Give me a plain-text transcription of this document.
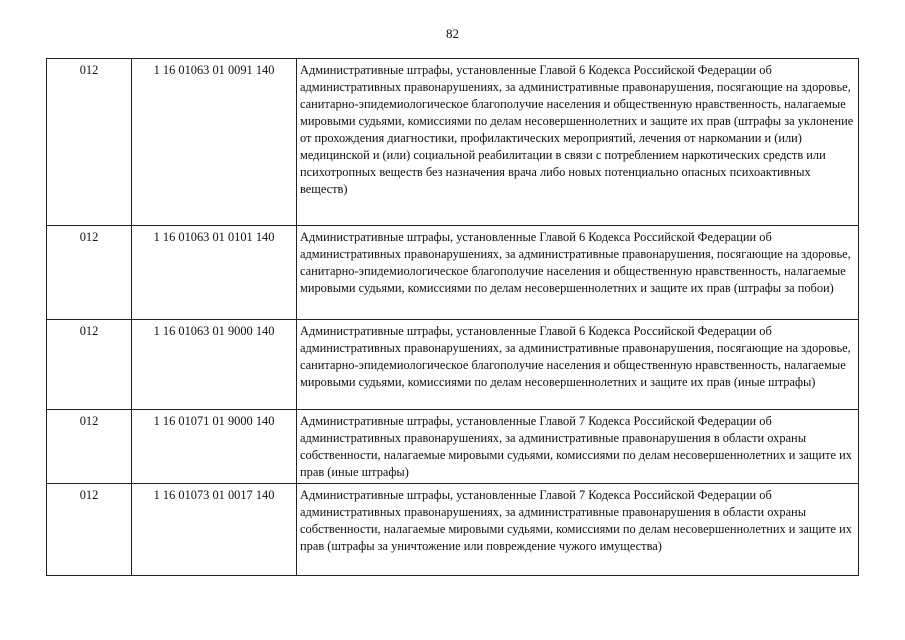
82
012	1 16 01063 01 0091 140	Административные штрафы, установленные Главой 6 Кодекса Российской Федерации об административных правонарушениях, за административные правонарушения, посягающие на здоровье, санитарно-эпидемиологическое благополучие населения и общественную нравственность, налагаемые мировыми судьями, комиссиями по делам несовершеннолетних и защите их прав (штрафы за уклонение от прохождения диагностики, профилактических мероприятий, лечения от наркомании и (или) медицинской и (или) социальной реабилитации в связи с потреблением наркотических средств или психотропных веществ без назначения врача либо новых потенциально опасных психоактивных веществ)
012	1 16 01063 01 0101 140	Административные штрафы, установленные Главой 6 Кодекса Российской Федерации об административных правонарушениях, за административные правонарушения, посягающие на здоровье, санитарно-эпидемиологическое благополучие населения и общественную нравственность, налагаемые мировыми судьями, комиссиями по делам несовершеннолетних и защите их прав (штрафы за побои)
012	1 16 01063 01 9000 140	Административные штрафы, установленные Главой 6 Кодекса Российской Федерации об административных правонарушениях, за административные правонарушения, посягающие на здоровье, санитарно-эпидемиологическое благополучие населения и общественную нравственность, налагаемые мировыми судьями, комиссиями по делам несовершеннолетних и защите их прав (иные штрафы)
012	1 16 01071 01 9000 140	Административные штрафы, установленные Главой 7 Кодекса Российской Федерации об административных правонарушениях, за административные правонарушения в области охраны собственности, налагаемые мировыми судьями, комиссиями по делам несовершеннолетних и защите их прав (иные штрафы)
012	1 16 01073 01 0017 140	Административные штрафы, установленные Главой 7 Кодекса Российской Федерации об административных правонарушениях, за административные правонарушения в области охраны собственности, налагаемые мировыми судьями, комиссиями по делам несовершеннолетних и защите их прав (штрафы за уничтожение или повреждение чужого имущества)
